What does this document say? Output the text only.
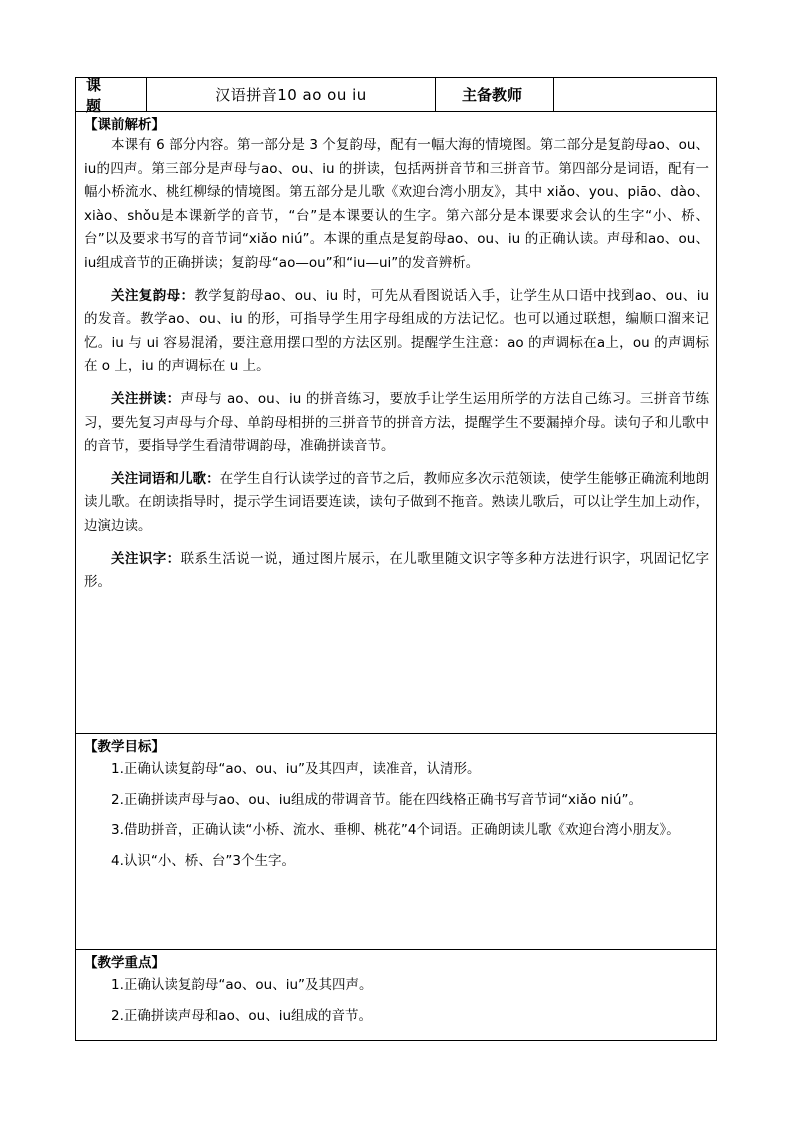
课　题
汉语拼音10 ao ou iu	主备教师
【课前解析】

本课有 6 部分内容。第一部分是 3 个复韵母，配有一幅大海的情境图。第二部分是复韵母ao、ou、iu的四声。第三部分是声母与ao、ou、iu 的拼读，包括两拼音节和三拼音节。第四部分是词语，配有一幅小桥流水、桃红柳绿的情境图。第五部分是儿歌《欢迎台湾小朋友》，其中 xiǎo、you、piāo、dào、xiào、shǒu是本课新学的音节，“台”是本课要认的生字。第六部分是本课要求会认的生字“小、桥、台”以及要求书写的音节词“xiǎo niú”。本课的重点是复韵母ao、ou、iu 的正确认读。声母和ao、ou、iu组成音节的正确拼读；复韵母“ao—ou”和“iu—ui”的发音辨析。

关注复韵母：教学复韵母ao、ou、iu 时，可先从看图说话入手，让学生从口语中找到ao、ou、iu 的发音。教学ao、ou、iu 的形，可指导学生用字母组成的方法记忆。也可以通过联想，编顺口溜来记忆。iu 与 ui 容易混淆，要注意用摆口型的方法区别。提醒学生注意：ao 的声调标在a上，ou 的声调标在 o 上，iu 的声调标在 u 上。

关注拼读：声母与 ao、ou、iu 的拼音练习，要放手让学生运用所学的方法自己练习。三拼音节练习，要先复习声母与介母、单韵母相拼的三拼音节的拼音方法，提醒学生不要漏掉介母。读句子和儿歌中的音节，要指导学生看清带调韵母，准确拼读音节。

关注词语和儿歌：在学生自行认读学过的音节之后，教师应多次示范领读，使学生能够正确流利地朗读儿歌。在朗读指导时，提示学生词语要连读，读句子做到不拖音。熟读儿歌后，可以让学生加上动作，边演边读。

关注识字：联系生活说一说，通过图片展示，在儿歌里随文识字等多种方法进行识字，巩固记忆字形。

【教学目标】

1.正确认读复韵母“ao、ou、iu”及其四声，读准音，认清形。

2.正确拼读声母与ao、ou、iu组成的带调音节。能在四线格正确书写音节词“xiǎo niú”。

3.借助拼音，正确认读“小桥、流水、垂柳、桃花”4个词语。正确朗读儿歌《欢迎台湾小朋友》。

4.认识“小、桥、台”3个生字。

【教学重点】

1.正确认读复韵母“ao、ou、iu”及其四声。

2.正确拼读声母和ao、ou、iu组成的音节。
